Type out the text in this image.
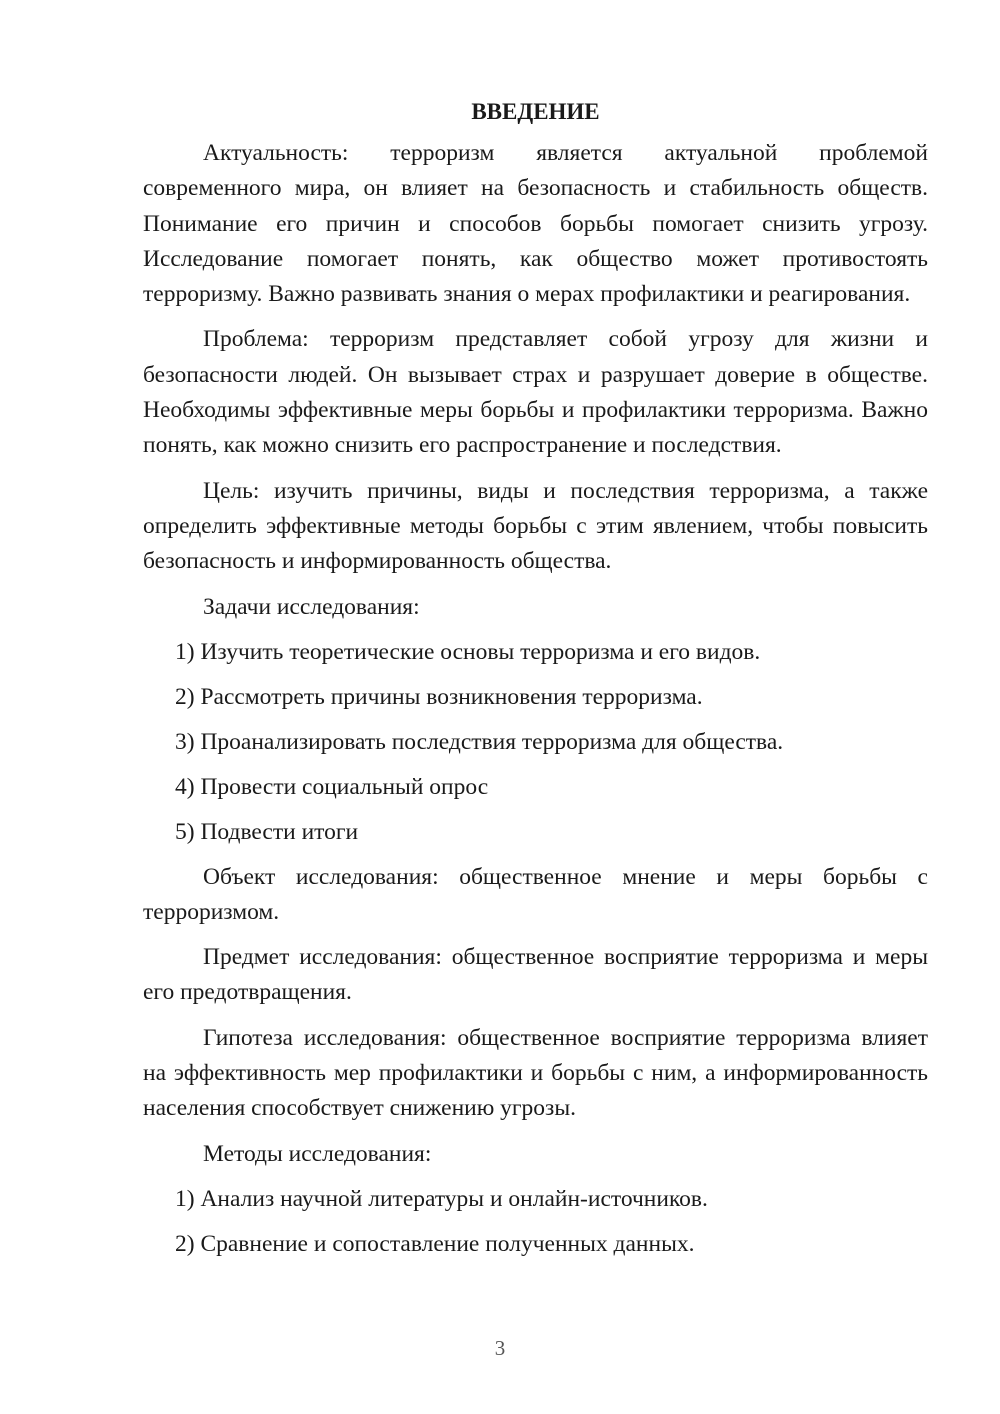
ВВЕДЕНИЕ
Актуальность: терроризм является актуальной проблемой современного мира, он влияет на безопасность и стабильность обществ. Понимание его причин и способов борьбы помогает снизить угрозу. Исследование помогает понять, как общество может противостоять терроризму. Важно развивать знания о мерах профилактики и реагирования.
Проблема: терроризм представляет собой угрозу для жизни и безопасности людей. Он вызывает страх и разрушает доверие в обществе. Необходимы эффективные меры борьбы и профилактики терроризма. Важно понять, как можно снизить его распространение и последствия.
Цель: изучить причины, виды и последствия терроризма, а также определить эффективные методы борьбы с этим явлением, чтобы повысить безопасность и информированность общества.
Задачи исследования:
1) Изучить теоретические основы терроризма и его видов.
2) Рассмотреть причины возникновения терроризма.
3) Проанализировать последствия терроризма для общества.
4) Провести социальный опрос
5) Подвести итоги
Объект исследования: общественное мнение и меры борьбы с терроризмом.
Предмет исследования: общественное восприятие терроризма и меры его предотвращения.
Гипотеза исследования: общественное восприятие терроризма влияет на эффективность мер профилактики и борьбы с ним, а информированность населения способствует снижению угрозы.
Методы исследования:
1) Анализ научной литературы и онлайн-источников.
2) Сравнение и сопоставление полученных данных.
3
